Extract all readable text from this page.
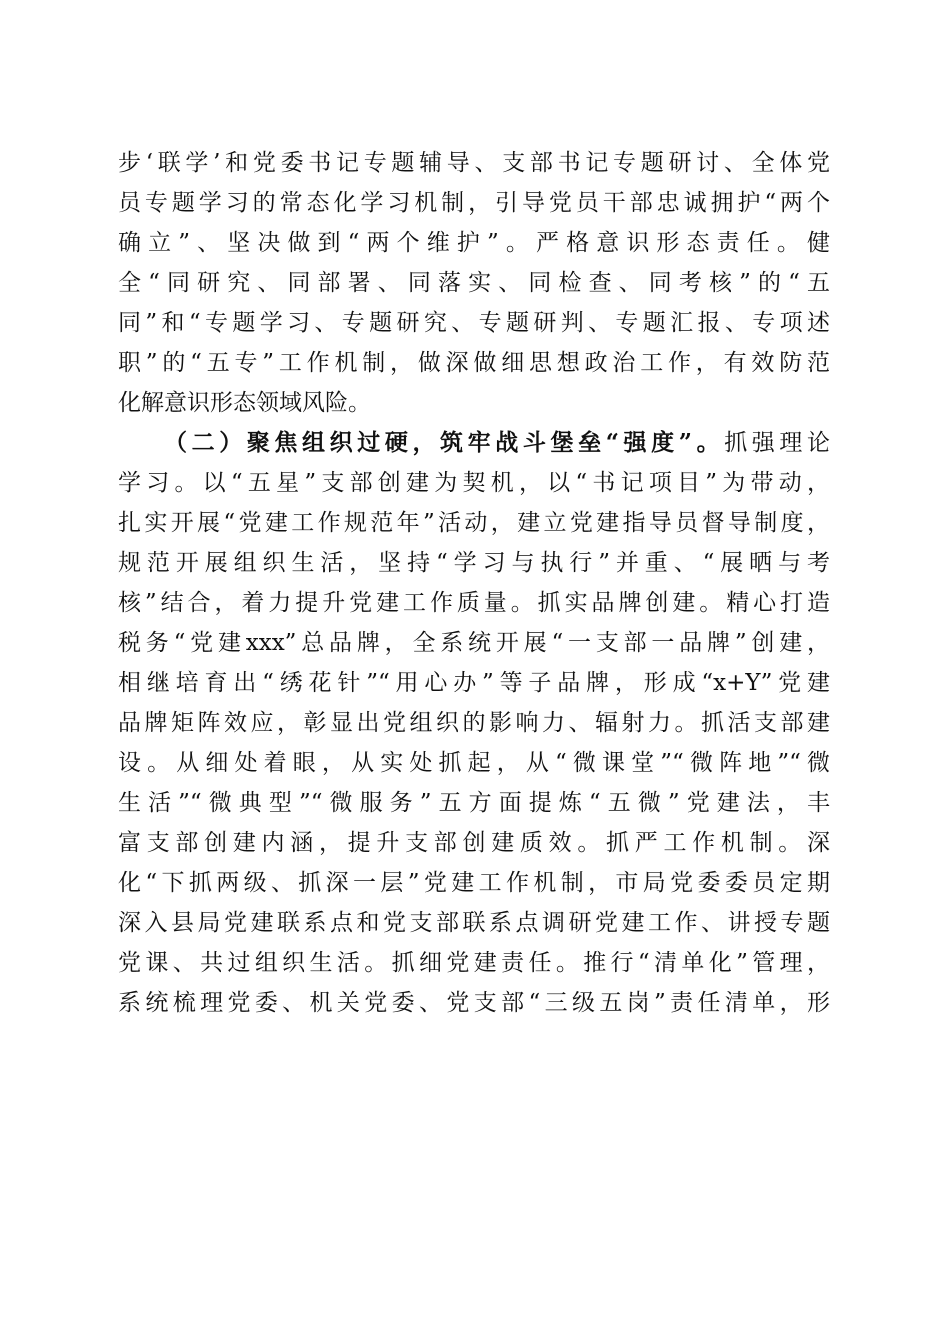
步‘联学’和党委书记专题辅导、支部书记专题研讨、全体党
员专题学习的常态化学习机制，引导党员干部忠诚拥护“两个
确立”、坚决做到“两个维护”。严格意识形态责任。健
全“同研究、同部署、同落实、同检查、同考核”的“五
同”和“专题学习、专题研究、专题研判、专题汇报、专项述
职”的“五专”工作机制，做深做细思想政治工作，有效防范
化解意识形态领域风险。
（二）聚焦组织过硬，筑牢战斗堡垒“强度”。抓强理论
学习。以“五星”支部创建为契机，以“书记项目”为带动，
扎实开展“党建工作规范年”活动，建立党建指导员督导制度，
规范开展组织生活，坚持“学习与执行”并重、“展晒与考
核”结合，着力提升党建工作质量。抓实品牌创建。精心打造
税务“党建xxx”总品牌，全系统开展“一支部一品牌”创建，
相继培育出“绣花针”“用心办”等子品牌，形成“x+Y”党建
品牌矩阵效应，彰显出党组织的影响力、辐射力。抓活支部建
设。从细处着眼，从实处抓起，从“微课堂”“微阵地”“微
生活”“微典型”“微服务”五方面提炼“五微”党建法，丰
富支部创建内涵，提升支部创建质效。抓严工作机制。深
化“下抓两级、抓深一层”党建工作机制，市局党委委员定期
深入县局党建联系点和党支部联系点调研党建工作、讲授专题
党课、共过组织生活。抓细党建责任。推行“清单化”管理，
系统梳理党委、机关党委、党支部“三级五岗”责任清单，形
